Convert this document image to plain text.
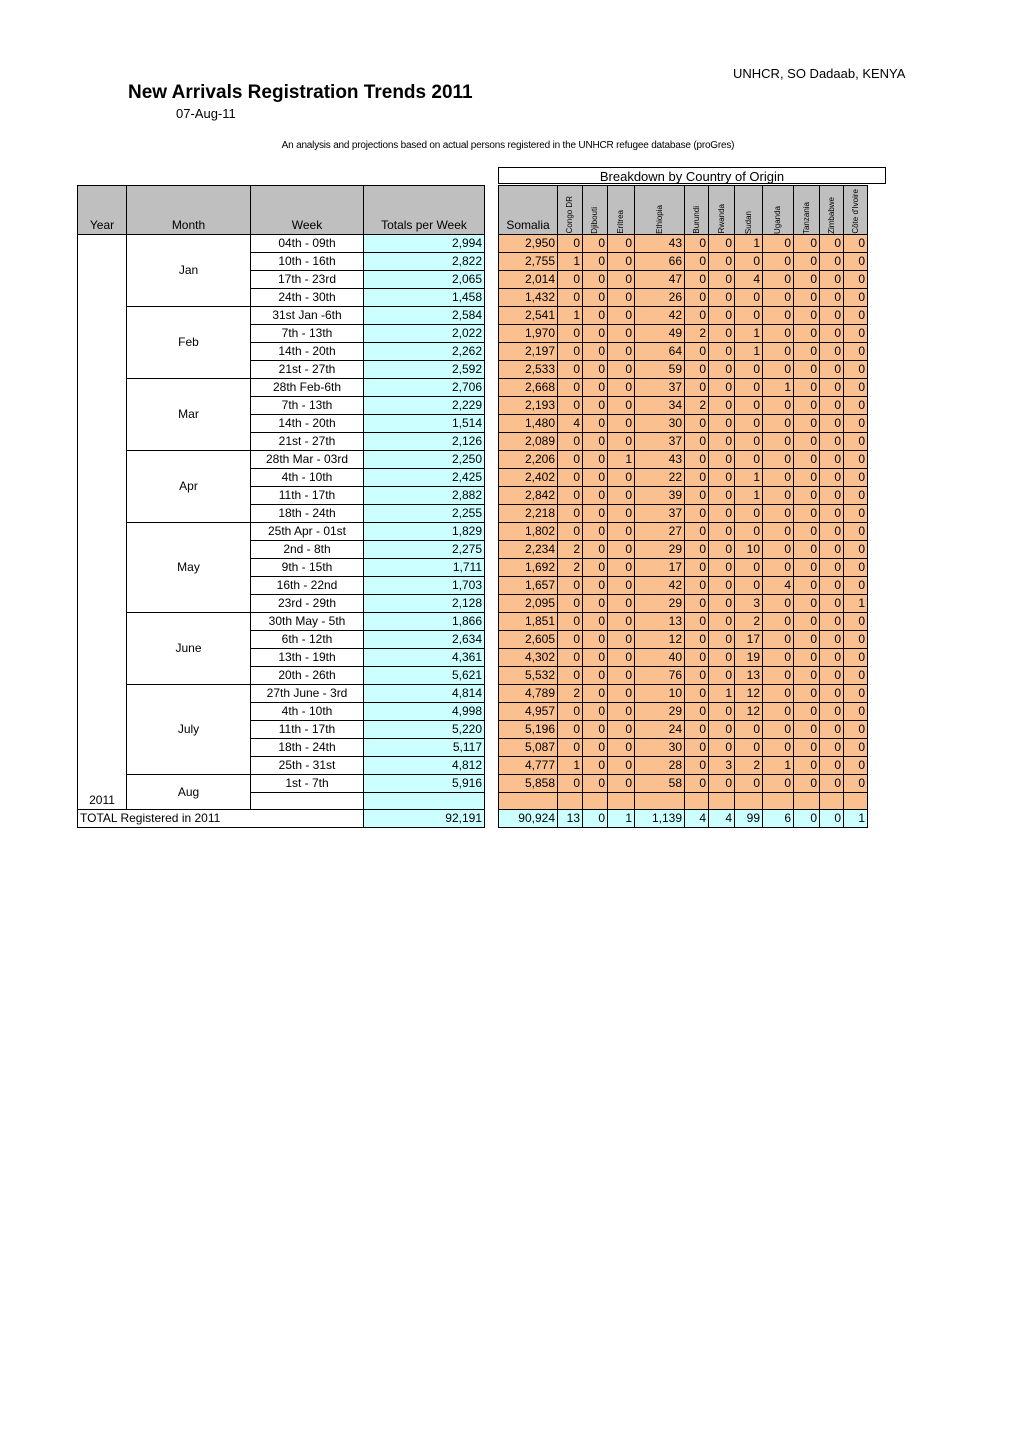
UNHCR, SO Dadaab, KENYA
New Arrivals Registration Trends 2011
07-Aug-11
An analysis and projections based on actual persons registered in the UNHCR refugee database (proGres)
Breakdown by Country of Origin
Year	Month	Week	Totals per Week		Somalia	Congo DR	Djibouti	Eritrea	Ethiopia	Burundi	Rwanda	Sudan	Uganda	Tanzania	Zimbabwe	Côte d'Ivoire

2011	Jan	04th - 09th	2,994		2,950	0	0	0	43	0	0	1	0	0	0	0
		10th - 16th	2,822		2,755	1	0	0	66	0	0	0	0	0	0	0
		17th - 23rd	2,065		2,014	0	0	0	47	0	0	4	0	0	0	0
		24th - 30th	1,458		1,432	0	0	0	26	0	0	0	0	0	0	0
	Feb	31st Jan -6th	2,584		2,541	1	0	0	42	0	0	0	0	0	0	0
		7th - 13th	2,022		1,970	0	0	0	49	2	0	1	0	0	0	0
		14th - 20th	2,262		2,197	0	0	0	64	0	0	1	0	0	0	0
		21st - 27th	2,592		2,533	0	0	0	59	0	0	0	0	0	0	0
	Mar	28th Feb-6th	2,706		2,668	0	0	0	37	0	0	0	1	0	0	0
		7th - 13th	2,229		2,193	0	0	0	34	2	0	0	0	0	0	0
		14th - 20th	1,514		1,480	4	0	0	30	0	0	0	0	0	0	0
		21st - 27th	2,126		2,089	0	0	0	37	0	0	0	0	0	0	0
	Apr	28th Mar - 03rd	2,250		2,206	0	0	1	43	0	0	0	0	0	0	0
		4th - 10th	2,425		2,402	0	0	0	22	0	0	1	0	0	0	0
		11th - 17th	2,882		2,842	0	0	0	39	0	0	1	0	0	0	0
		18th - 24th	2,255		2,218	0	0	0	37	0	0	0	0	0	0	0
	May	25th Apr - 01st	1,829		1,802	0	0	0	27	0	0	0	0	0	0	0
		2nd - 8th	2,275		2,234	2	0	0	29	0	0	10	0	0	0	0
		9th - 15th	1,711		1,692	2	0	0	17	0	0	0	0	0	0	0
		16th - 22nd	1,703		1,657	0	0	0	42	0	0	0	4	0	0	0
		23rd - 29th	2,128		2,095	0	0	0	29	0	0	3	0	0	0	1
	June	30th May - 5th	1,866		1,851	0	0	0	13	0	0	2	0	0	0	0
		6th - 12th	2,634		2,605	0	0	0	12	0	0	17	0	0	0	0
		13th - 19th	4,361		4,302	0	0	0	40	0	0	19	0	0	0	0
		20th - 26th	5,621		5,532	0	0	0	76	0	0	13	0	0	0	0
	July	27th June - 3rd	4,814		4,789	2	0	0	10	0	1	12	0	0	0	0
		4th - 10th	4,998		4,957	0	0	0	29	0	0	12	0	0	0	0
		11th - 17th	5,220		5,196	0	0	0	24	0	0	0	0	0	0	0
		18th - 24th	5,117		5,087	0	0	0	30	0	0	0	0	0	0	0
		25th - 31st	4,812		4,777	1	0	0	28	0	3	2	1	0	0	0
	Aug	1st - 7th	5,916		5,858	0	0	0	58	0	0	0	0	0	0	0

TOTAL Registered in 2011			92,191		90,924	13	0	1	1,139	4	4	99	6	0	0	1
